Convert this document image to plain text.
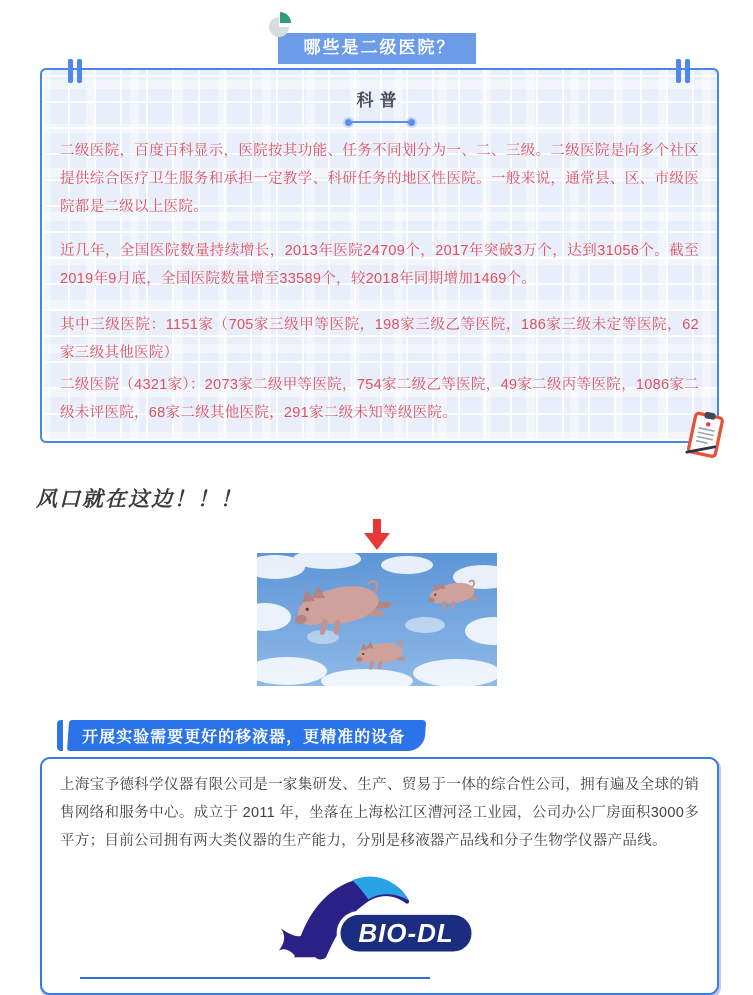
哪些是二级医院？
科普

二级医院，百度百科显示，医院按其功能、任务不同划分为一、二、三级。二级医院是向多个社区提供综合医疗卫生服务和承担一定教学、科研任务的地区性医院。一般来说，通常县、区、市级医院都是二级以上医院。

近几年，全国医院数量持续增长，2013年医院24709个，2017年突破3万个，达到31056个。截至2019年9月底，全国医院数量增至33589个，较2018年同期增加1469个。

其中三级医院：1151家（705家三级甲等医院，198家三级乙等医院，186家三级未定等医院，62家三级其他医院）

二级医院（4321家）：2073家二级甲等医院，754家二级乙等医院，49家二级丙等医院，1086家二级未评医院，68家二级其他医院，291家二级未知等级医院。

风口就在这边！！！
开展实验需要更好的移液器，更精准的设备

上海宝予德科学仪器有限公司是一家集研发、生产、贸易于一体的综合性公司，拥有遍及全球的销售网络和服务中心。成立于 2011 年，坐落在上海松江区漕河泾工业园，公司办公厂房面积3000多平方；目前公司拥有两大类仪器的生产能力，分别是移液器产品线和分子生物学仪器产品线。

BIO-DL
